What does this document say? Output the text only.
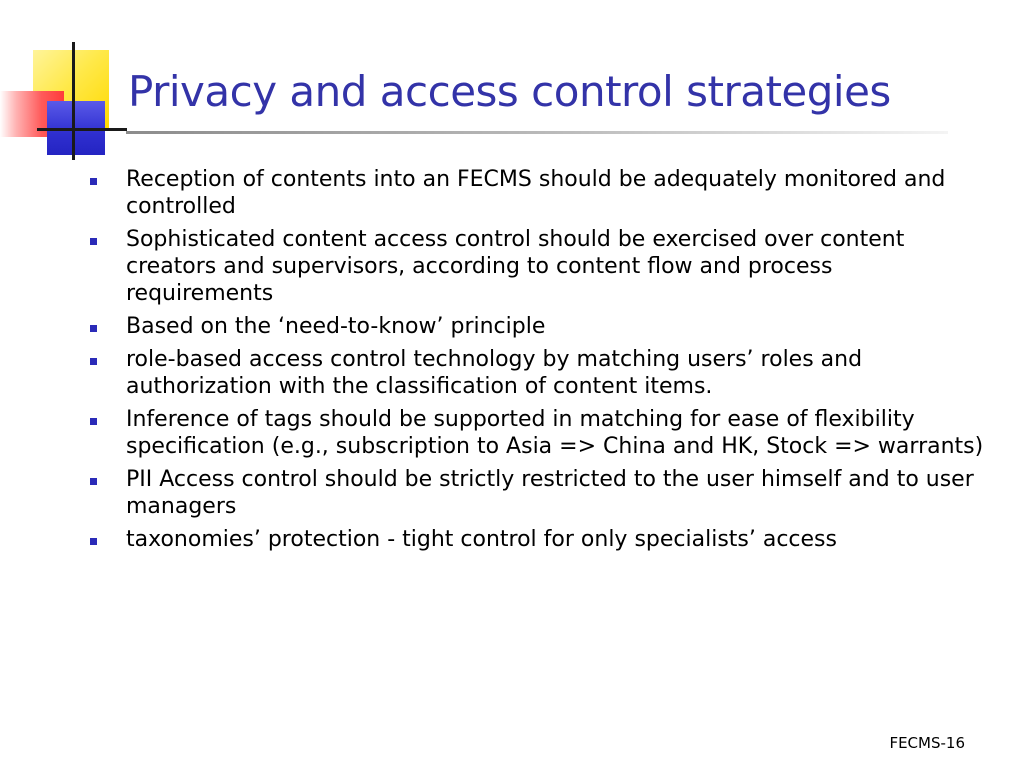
Privacy and access control strategies
Reception of contents into an FECMS should be adequately monitored and controlled
Sophisticated content access control should be exercised over content creators and supervisors, according to content flow and process requirements
Based on the ‘need-to-know’ principle
role-based access control technology by matching users’ roles and authorization with the classification of content items.
Inference of tags should be supported in matching for ease of flexibility specification (e.g., subscription to Asia => China and HK, Stock => warrants)
PII Access control should be strictly restricted to the user himself and to user managers
taxonomies’ protection - tight control for only specialists’ access
FECMS-16
